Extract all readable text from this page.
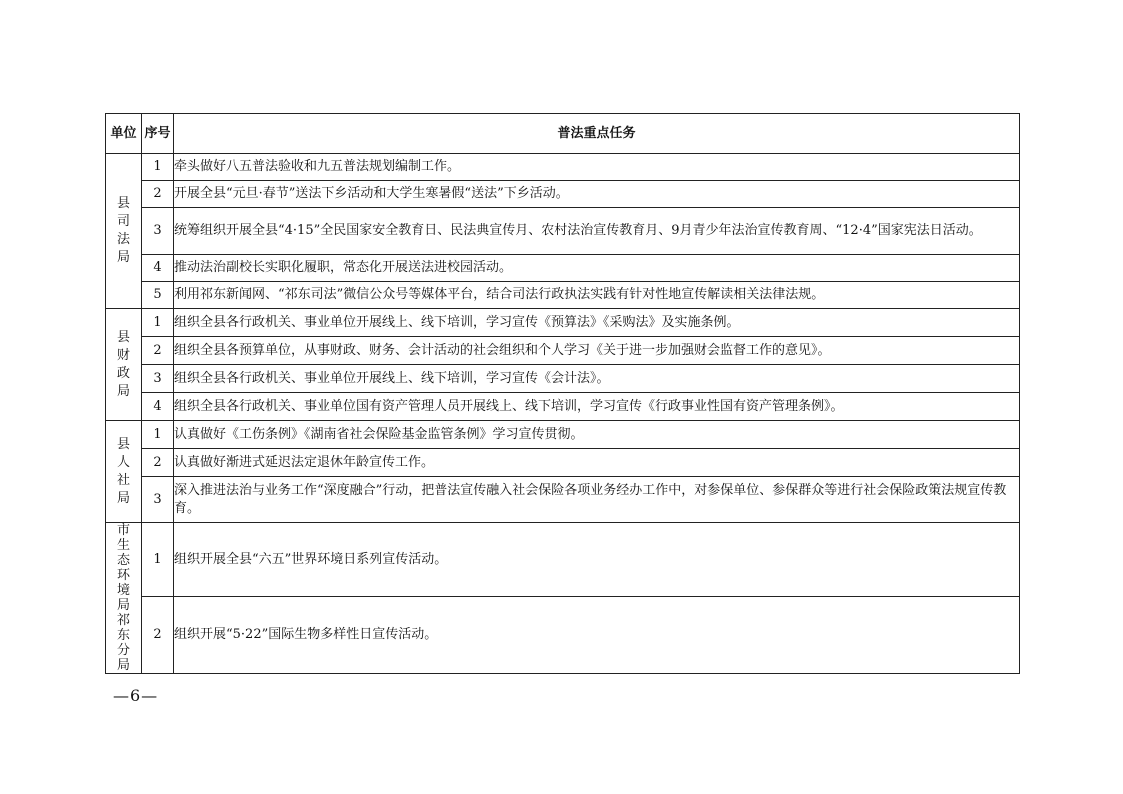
单位	序号	普法重点任务
县司法局	1	牵头做好八五普法验收和九五普法规划编制工作。
	2	开展全县“元旦·春节”送法下乡活动和大学生寒暑假“送法”下乡活动。
	3	统筹组织开展全县“4·15”全民国家安全教育日、民法典宣传月、农村法治宣传教育月、9月青少年法治宣传教育周、“12·4”国家宪法日活动。
	4	推动法治副校长实职化履职，常态化开展送法进校园活动。
	5	利用祁东新闻网、“祁东司法”微信公众号等媒体平台，结合司法行政执法实践有针对性地宣传解读相关法律法规。
县财政局	1	组织全县各行政机关、事业单位开展线上、线下培训，学习宣传《预算法》《采购法》及实施条例。
	2	组织全县各预算单位，从事财政、财务、会计活动的社会组织和个人学习《关于进一步加强财会监督工作的意见》。
	3	组织全县各行政机关、事业单位开展线上、线下培训，学习宣传《会计法》。
	4	组织全县各行政机关、事业单位国有资产管理人员开展线上、线下培训，学习宣传《行政事业性国有资产管理条例》。
县人社局	1	认真做好《工伤条例》《湖南省社会保险基金监管条例》学习宣传贯彻。
	2	认真做好渐进式延迟法定退休年龄宣传工作。
	3	深入推进法治与业务工作“深度融合”行动，把普法宣传融入社会保险各项业务经办工作中，对参保单位、参保群众等进行社会保险政策法规宣传教育。
市生态环境局祁东分局	1	组织开展全县“六五”世界环境日系列宣传活动。
	2	组织开展“5·22”国际生物多样性日宣传活动。
—6—
